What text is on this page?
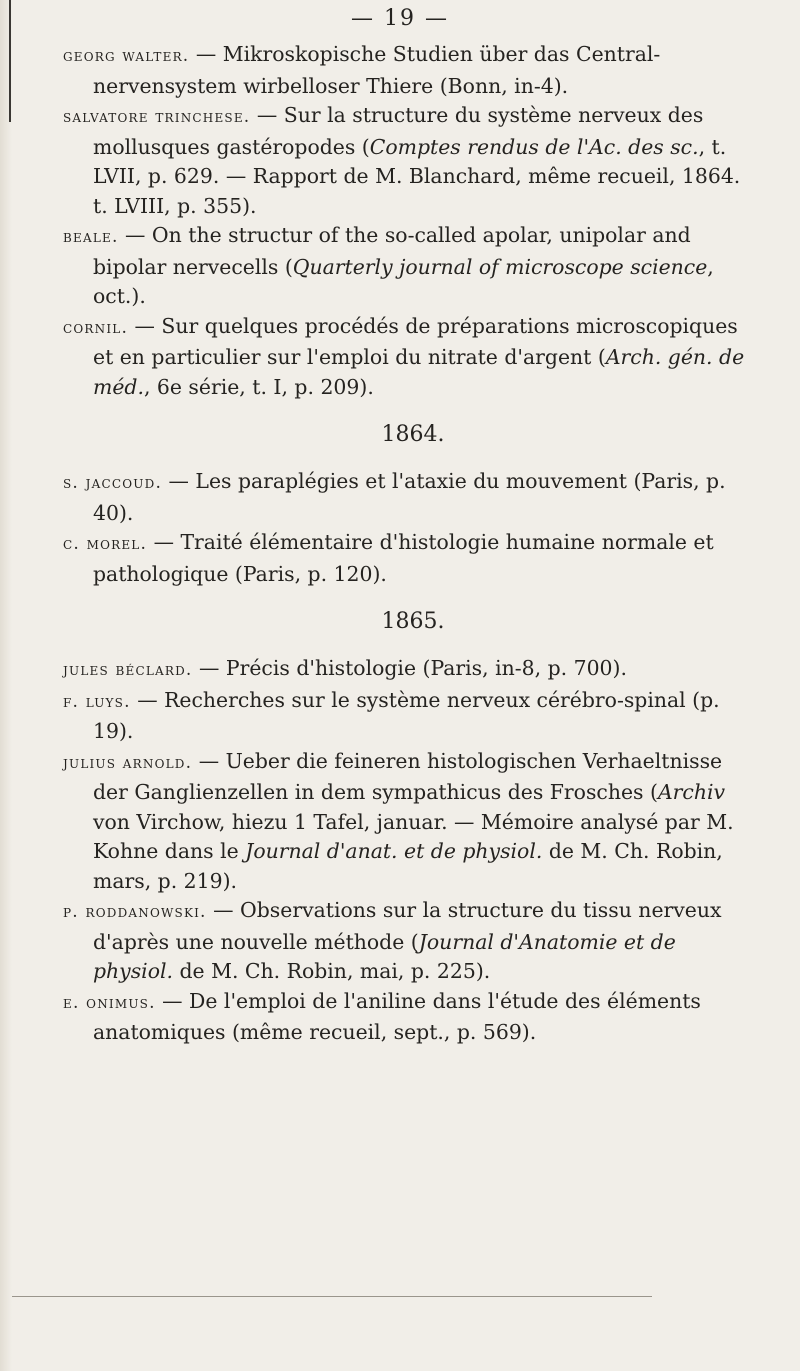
— 19 —

georg walter. — Mikroskopische Studien über das Central-nervensystem wirbelloser Thiere (Bonn, in-4).

salvatore trinchese. — Sur la structure du système nerveux des mollusques gastéropodes (Comptes rendus de l'Ac. des sc., t. LVII, p. 629. — Rapport de M. Blanchard, même recueil, 1864. t. LVIII, p. 355).

beale. — On the structur of the so-called apolar, unipolar and bipolar nervecells (Quarterly journal of microscope science, oct.).

cornil. — Sur quelques procédés de préparations microscopiques et en particulier sur l'emploi du nitrate d'argent (Arch. gén. de méd., 6e série, t. I, p. 209).

1864.

s. jaccoud. — Les paraplégies et l'ataxie du mouvement (Paris, p. 40).

c. morel. — Traité élémentaire d'histologie humaine normale et pathologique (Paris, p. 120).

1865.

jules béclard. — Précis d'histologie (Paris, in-8, p. 700).

f. luys. — Recherches sur le système nerveux cérébro-spinal (p. 19).

julius arnold. — Ueber die feineren histologischen Verhaeltnisse der Ganglienzellen in dem sympathicus des Frosches (Archiv von Virchow, hiezu 1 Tafel, januar. — Mémoire analysé par M. Kohne dans le Journal d'anat. et de physiol. de M. Ch. Robin, mars, p. 219).

p. roddanowski. — Observations sur la structure du tissu nerveux d'après une nouvelle méthode (Journal d'Anatomie et de physiol. de M. Ch. Robin, mai, p. 225).

e. onimus. — De l'emploi de l'aniline dans l'étude des éléments anatomiques (même recueil, sept., p. 569).
